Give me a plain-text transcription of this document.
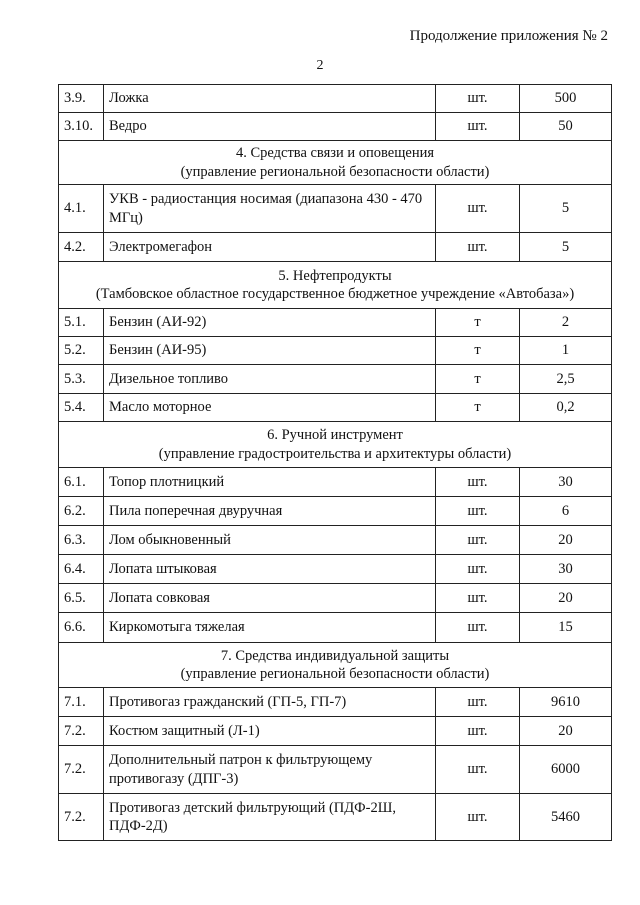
Продолжение приложения № 2
2
3.9.	Ложка	шт.	500
3.10.	Ведро	шт.	50

4. Средства связи и оповещения
(управление региональной безопасности области)			

4.1.	УКВ - радиостанция носимая (диапазона 430 - 470 МГц)	шт.	5
4.2.	Электромегафон	шт.	5

5. Нефтепродукты
(Тамбовское областное государственное бюджетное учреждение «Автобаза»)			

5.1.	Бензин (АИ-92)	т	2
5.2.	Бензин (АИ-95)	т	1
5.3.	Дизельное топливо	т	2,5
5.4.	Масло моторное	т	0,2

6. Ручной инструмент
(управление градостроительства и архитектуры области)			

6.1.	Топор плотницкий	шт.	30
6.2.	Пила поперечная двуручная	шт.	6
6.3.	Лом обыкновенный	шт.	20
6.4.	Лопата штыковая	шт.	30
6.5.	Лопата совковая	шт.	20
6.6.	Киркомотыга тяжелая	шт.	15

7. Средства индивидуальной защиты
(управление региональной безопасности области)			

7.1.	Противогаз гражданский (ГП-5, ГП-7)	шт.	9610
7.2.	Костюм защитный (Л-1)	шт.	20
7.2.	Дополнительный патрон к фильтрующему противогазу (ДПГ-3)	шт.	6000
7.2.	Противогаз детский фильтрующий (ПДФ-2Ш, ПДФ-2Д)	шт.	5460
